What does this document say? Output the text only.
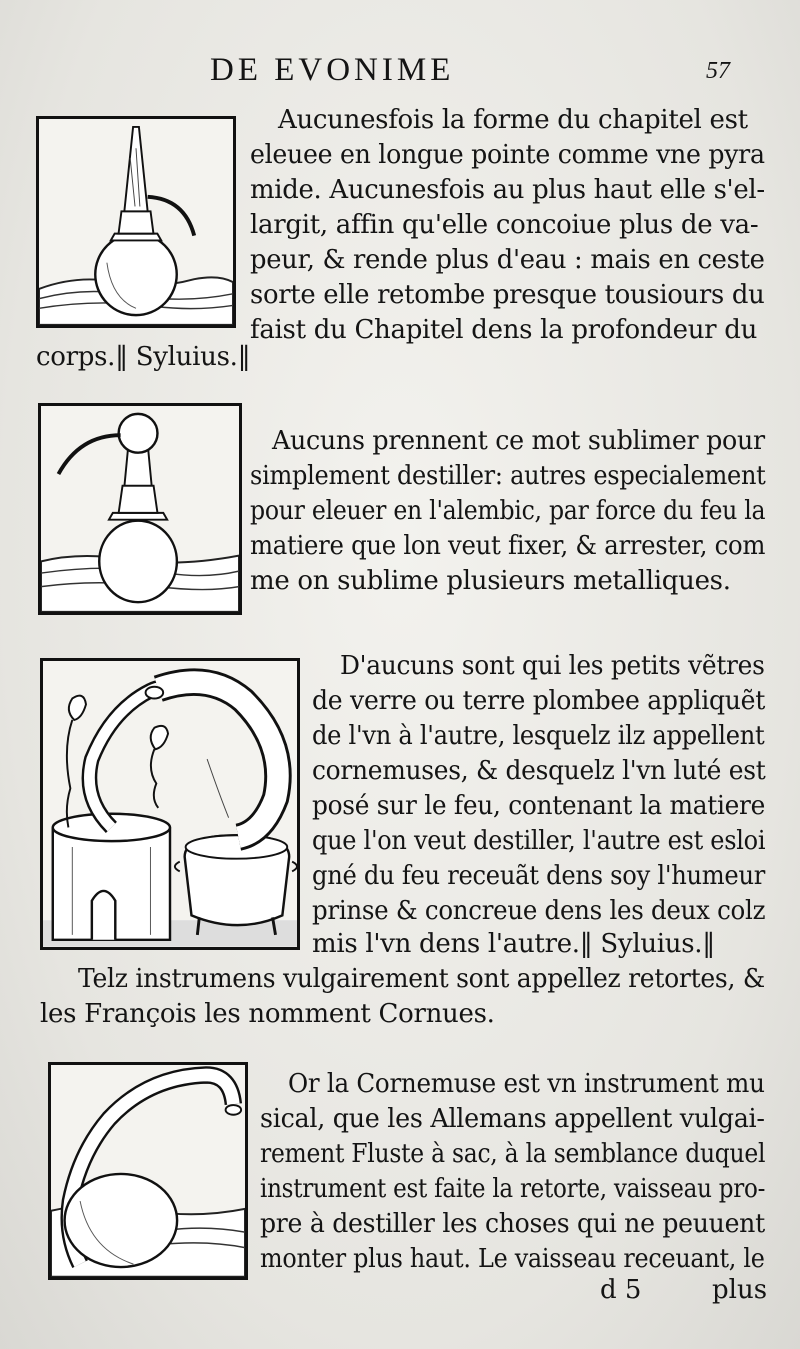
DE EVONIME	57
Aucunesfois la forme du chapitel est
eleuee en longue pointe comme vne pyra
mide. Aucunesfois au plus haut elle s'el-
largit, affin qu'elle concoiue plus de va-
peur, & rende plus d'eau : mais en ceste
sorte elle retombe presque tousiours du
faist du Chapitel dens la profondeur du
corps.‖ Syluius.‖
Aucuns prennent ce mot sublimer pour
simplement destiller: autres especialement
pour eleuer en l'alembic, par force du feu la
matiere que lon veut fixer, & arrester, com
me on sublime plusieurs metalliques.
D'aucuns sont qui les petits vẽtres
de verre ou terre plombee appliquẽt
de l'vn à l'autre, lesquelz ilz appellent
cornemuses, & desquelz l'vn luté est
posé sur le feu, contenant la matiere
que l'on veut destiller, l'autre est esloi
gné du feu receuãt dens soy l'humeur
prinse & concreue dens les deux colz
mis l'vn dens l'autre.‖ Syluius.‖
Telz instrumens vulgairement sont appellez retortes, &
les François les nomment Cornues.
Or la Cornemuse est vn instrument mu
sical, que les Allemans appellent vulgai-
rement Fluste à sac, à la semblance duquel
instrument est faite la retorte, vaisseau pro-
pre à destiller les choses qui ne peuuent
monter plus haut. Le vaisseau receuant, le
d 5	plus
